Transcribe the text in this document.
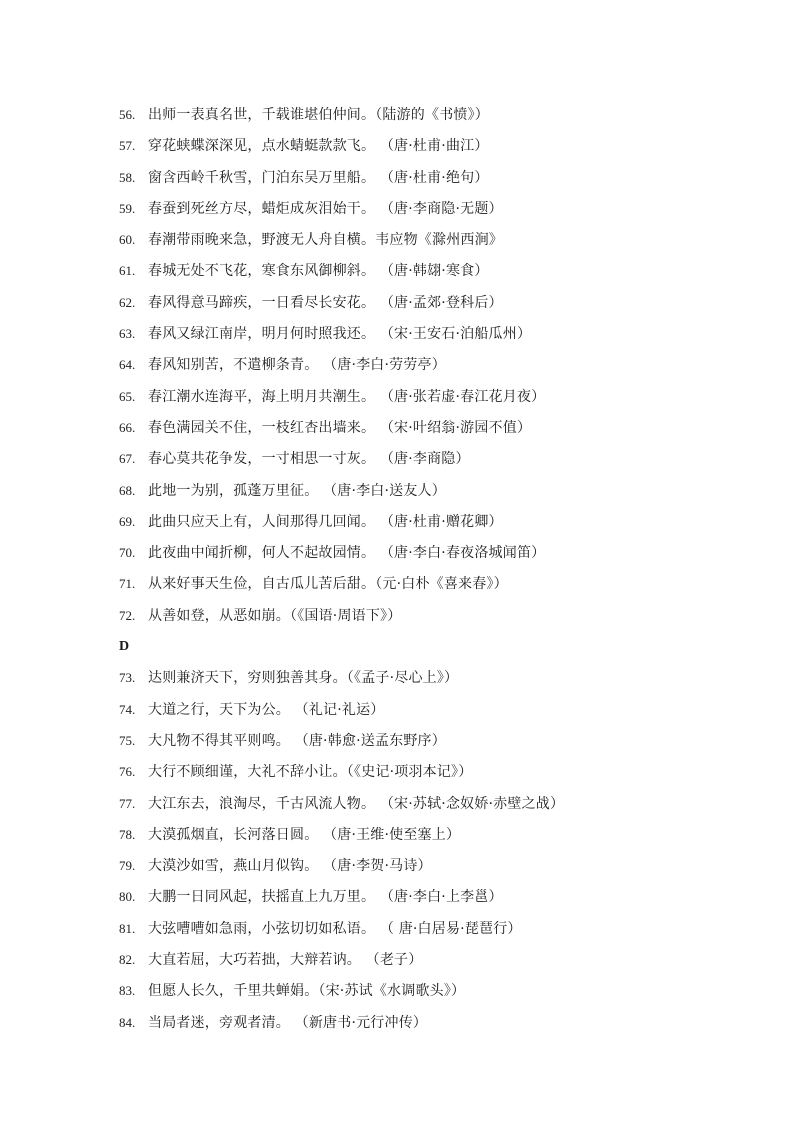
56. 出师一表真名世，千载谁堪伯仲间。（陆游的《书愤》）
57. 穿花蛱蝶深深见，点水蜻蜓款款飞。 （唐·杜甫·曲江）
58. 窗含西岭千秋雪，门泊东吴万里船。 （唐·杜甫·绝句）
59. 春蚕到死丝方尽，蜡炬成灰泪始干。 （唐·李商隐·无题）
60. 春潮带雨晚来急，野渡无人舟自横。韦应物《滁州西涧》
61. 春城无处不飞花，寒食东风御柳斜。 （唐·韩翃·寒食）
62. 春风得意马蹄疾，一日看尽长安花。 （唐·孟郊·登科后）
63. 春风又绿江南岸，明月何时照我还。 （宋·王安石·泊船瓜州）
64. 春风知别苦，不遣柳条青。 （唐·李白·劳劳亭）
65. 春江潮水连海平，海上明月共潮生。 （唐·张若虚·春江花月夜）
66. 春色满园关不住，一枝红杏出墙来。 （宋·叶绍翁·游园不值）
67. 春心莫共花争发，一寸相思一寸灰。 （唐·李商隐）
68. 此地一为别，孤蓬万里征。 （唐·李白·送友人）
69. 此曲只应天上有，人间那得几回闻。 （唐·杜甫·赠花卿）
70. 此夜曲中闻折柳，何人不起故园情。 （唐·李白·春夜洛城闻笛）
71. 从来好事天生俭，自古瓜儿苦后甜。（元·白朴《喜来春》）
72. 从善如登，从恶如崩。（《国语·周语下》）
D
73. 达则兼济天下，穷则独善其身。（《孟子·尽心上》）
74. 大道之行，天下为公。 （礼记·礼运）
75. 大凡物不得其平则鸣。 （唐·韩愈·送孟东野序）
76. 大行不顾细谨，大礼不辞小让。（《史记·项羽本记》）
77. 大江东去，浪淘尽，千古风流人物。 （宋·苏轼·念奴娇·赤壁之战）
78. 大漠孤烟直，长河落日圆。 （唐·王维·使至塞上）
79. 大漠沙如雪，燕山月似钩。 （唐·李贺·马诗）
80. 大鹏一日同风起，扶摇直上九万里。 （唐·李白·上李邕）
81. 大弦嘈嘈如急雨，小弦切切如私语。 （ 唐·白居易·琵琶行）
82. 大直若屈，大巧若拙，大辩若讷。 （老子）
83. 但愿人长久，千里共蝉娟。（宋·苏试《水调歌头》）
84. 当局者迷，旁观者清。 （新唐书·元行冲传）
